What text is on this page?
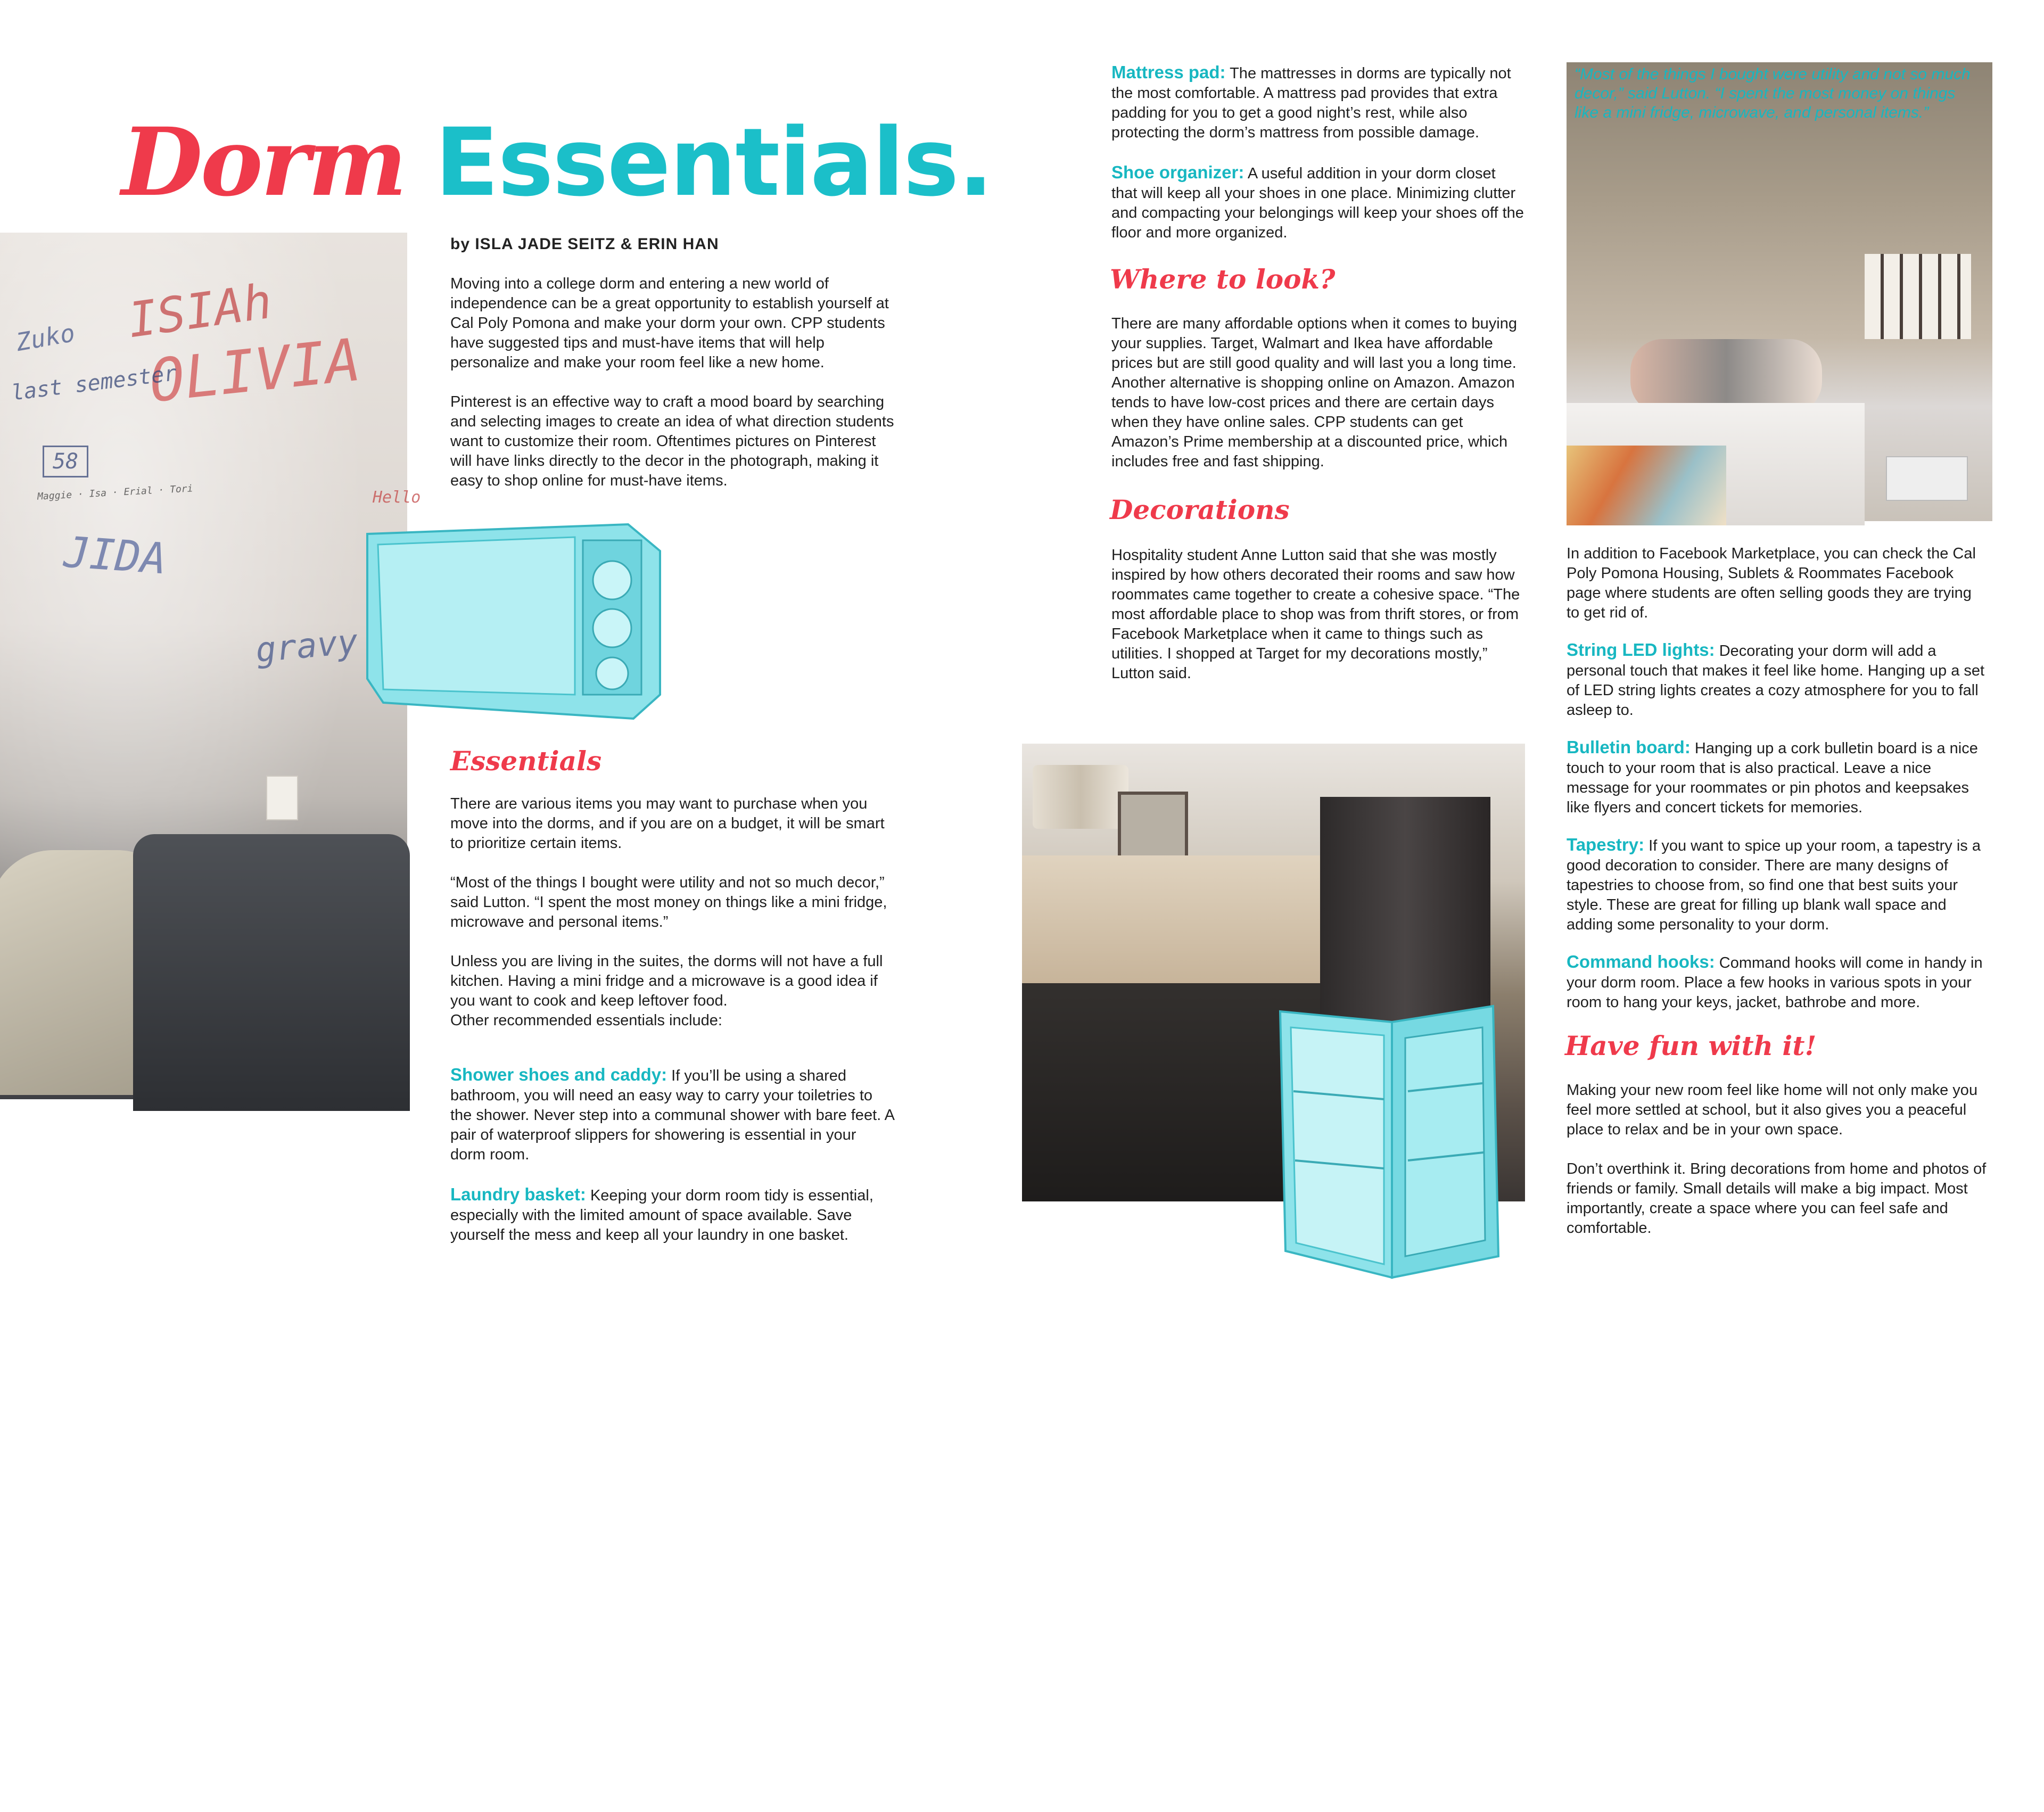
Dorm Essentials.
ISIAh
OLIVIA
Zuko
58
Hello
gravy
JIDA
last semester
Maggie · Isa · Erial · Tori
by ISLA JADE SEITZ & ERIN HAN

Moving into a college dorm and entering a new world of independence can be a great opportunity to establish yourself at Cal Poly Pomona and make your dorm your own. CPP students have suggested tips and must-have items that will help personalize and make your room feel like a new home.

Pinterest is an effective way to craft a mood board by searching and selecting images to create an idea of what direction students want to customize their room. Oftentimes pictures on Pinterest will have links directly to the decor in the photograph, making it easy to shop online for must-have items.

Essentials

There are various items you may want to purchase when you move into the dorms, and if you are on a budget, it will be smart to prioritize certain items.

“Most of the things I bought were utility and not so much decor,” said Lutton. “I spent the most money on things like a mini fridge, microwave and personal items.”

Unless you are living in the suites, the dorms will not have a full kitchen. Having a mini fridge and a microwave is a good idea if you want to cook and keep leftover food.

Other recommended essentials include:

Shower shoes and caddy: If you’ll be using a shared bathroom, you will need an easy way to carry your toiletries to the shower. Never step into a communal shower with bare feet. A pair of waterproof slippers for showering is essential in your dorm room.

Laundry basket: Keeping your dorm room tidy is essential, especially with the limited amount of space available. Save yourself the mess and keep all your laundry in one basket.

Mattress pad: The mattresses in dorms are typically not the most comfortable. A mattress pad provides that extra padding for you to get a good night’s rest, while also protecting the dorm’s mattress from possible damage.

Shoe organizer: A useful addition in your dorm closet that will keep all your shoes in one place. Minimizing clutter and compacting your belongings will keep your shoes off the floor and more organized.

Where to look?
There are many affordable options when it comes to buying your supplies. Target, Walmart and Ikea have affordable prices but are still good quality and will last you a long time. Another alternative is shopping online on Amazon. Amazon tends to have low-cost prices and there are certain days when they have online sales. CPP students can get Amazon’s Prime membership at a discounted price, which includes free and fast shipping.
Decorations
Hospitality student Anne Lutton said that she was mostly inspired by how others decorated their rooms and saw how roommates came together to create a cohesive space. “The most affordable place to shop was from thrift stores, or from Facebook Marketplace when it came to things such as utilities. I shopped at Target for my decorations mostly,” Lutton said.
“Most of the things I bought were utility and not so much decor,” said Lutton. “I spent the most money on things like a mini fridge, microwave, and personal items.”

In addition to Facebook Marketplace, you can check the Cal Poly Pomona Housing, Sublets & Roommates Facebook page where students are often selling goods they are trying to get rid of.

String LED lights: Decorating your dorm will add a personal touch that makes it feel like home. Hanging up a set of LED string lights creates a cozy atmosphere for you to fall asleep to.

Bulletin board: Hanging up a cork bulletin board is a nice touch to your room that is also practical. Leave a nice message for your roommates or pin photos and keepsakes like flyers and concert tickets for memories.

Tapestry: If you want to spice up your room, a tapestry is a good decoration to consider. There are many designs of tapestries to choose from, so find one that best suits your style. These are great for filling up blank wall space and adding some personality to your dorm.

Command hooks: Command hooks will come in handy in your dorm room. Place a few hooks in various spots in your room to hang your keys, jacket, bathrobe and more.

Have fun with it!

Making your new room feel like home will not only make you feel more settled at school, but it also gives you a peaceful place to relax and be in your own space.

Don’t overthink it. Bring decorations from home and photos of friends or family. Small details will make a big impact. Most importantly, create a space where you can feel safe and comfortable.
